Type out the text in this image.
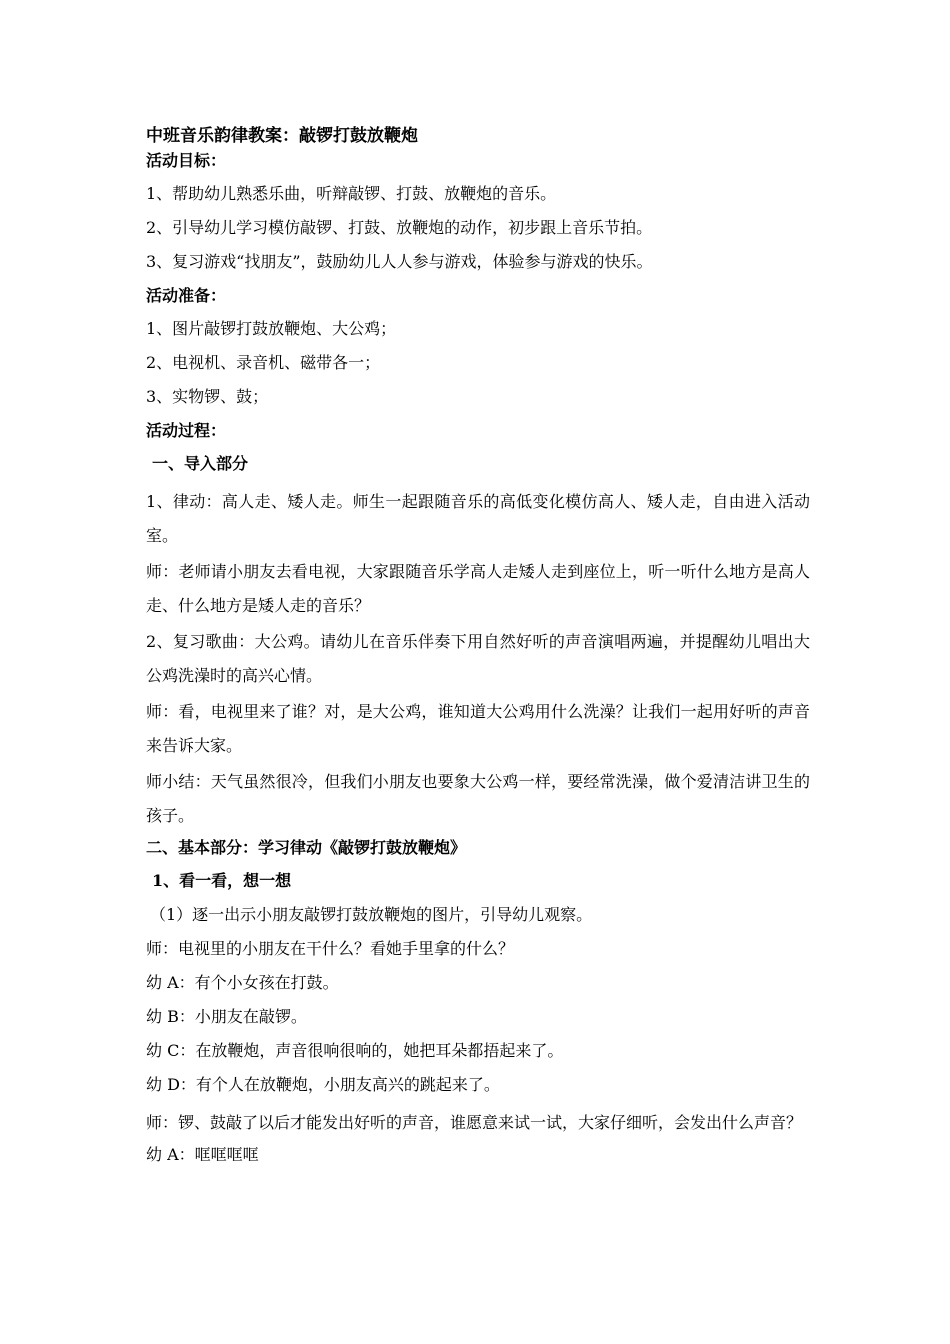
中班音乐韵律教案：敲锣打鼓放鞭炮
活动目标：
1、帮助幼儿熟悉乐曲，听辩敲锣、打鼓、放鞭炮的音乐。
2、引导幼儿学习模仿敲锣、打鼓、放鞭炮的动作，初步跟上音乐节拍。
3、复习游戏“找朋友”，鼓励幼儿人人参与游戏，体验参与游戏的快乐。
活动准备：
1、图片敲锣打鼓放鞭炮、大公鸡；
2、电视机、录音机、磁带各一；
3、实物锣、鼓；
活动过程：
一、导入部分
1、律动：高人走、矮人走。师生一起跟随音乐的高低变化模仿高人、矮人走，自由进入活动室。
师：老师请小朋友去看电视，大家跟随音乐学高人走矮人走到座位上，听一听什么地方是高人走、什么地方是矮人走的音乐？
2、复习歌曲：大公鸡。请幼儿在音乐伴奏下用自然好听的声音演唱两遍，并提醒幼儿唱出大公鸡洗澡时的高兴心情。
师：看，电视里来了谁？对，是大公鸡，谁知道大公鸡用什么洗澡？让我们一起用好听的声音来告诉大家。
师小结：天气虽然很冷，但我们小朋友也要象大公鸡一样，要经常洗澡，做个爱清洁讲卫生的孩子。
二、基本部分：学习律动《敲锣打鼓放鞭炮》
1、看一看，想一想
（1）逐一出示小朋友敲锣打鼓放鞭炮的图片，引导幼儿观察。
师：电视里的小朋友在干什么？看她手里拿的什么？
幼 A：有个小女孩在打鼓。
幼 B：小朋友在敲锣。
幼 C：在放鞭炮，声音很响很响的，她把耳朵都捂起来了。
幼 D：有个人在放鞭炮，小朋友高兴的跳起来了。
师：锣、鼓敲了以后才能发出好听的声音，谁愿意来试一试，大家仔细听，会发出什么声音？
幼 A：哐哐哐哐
